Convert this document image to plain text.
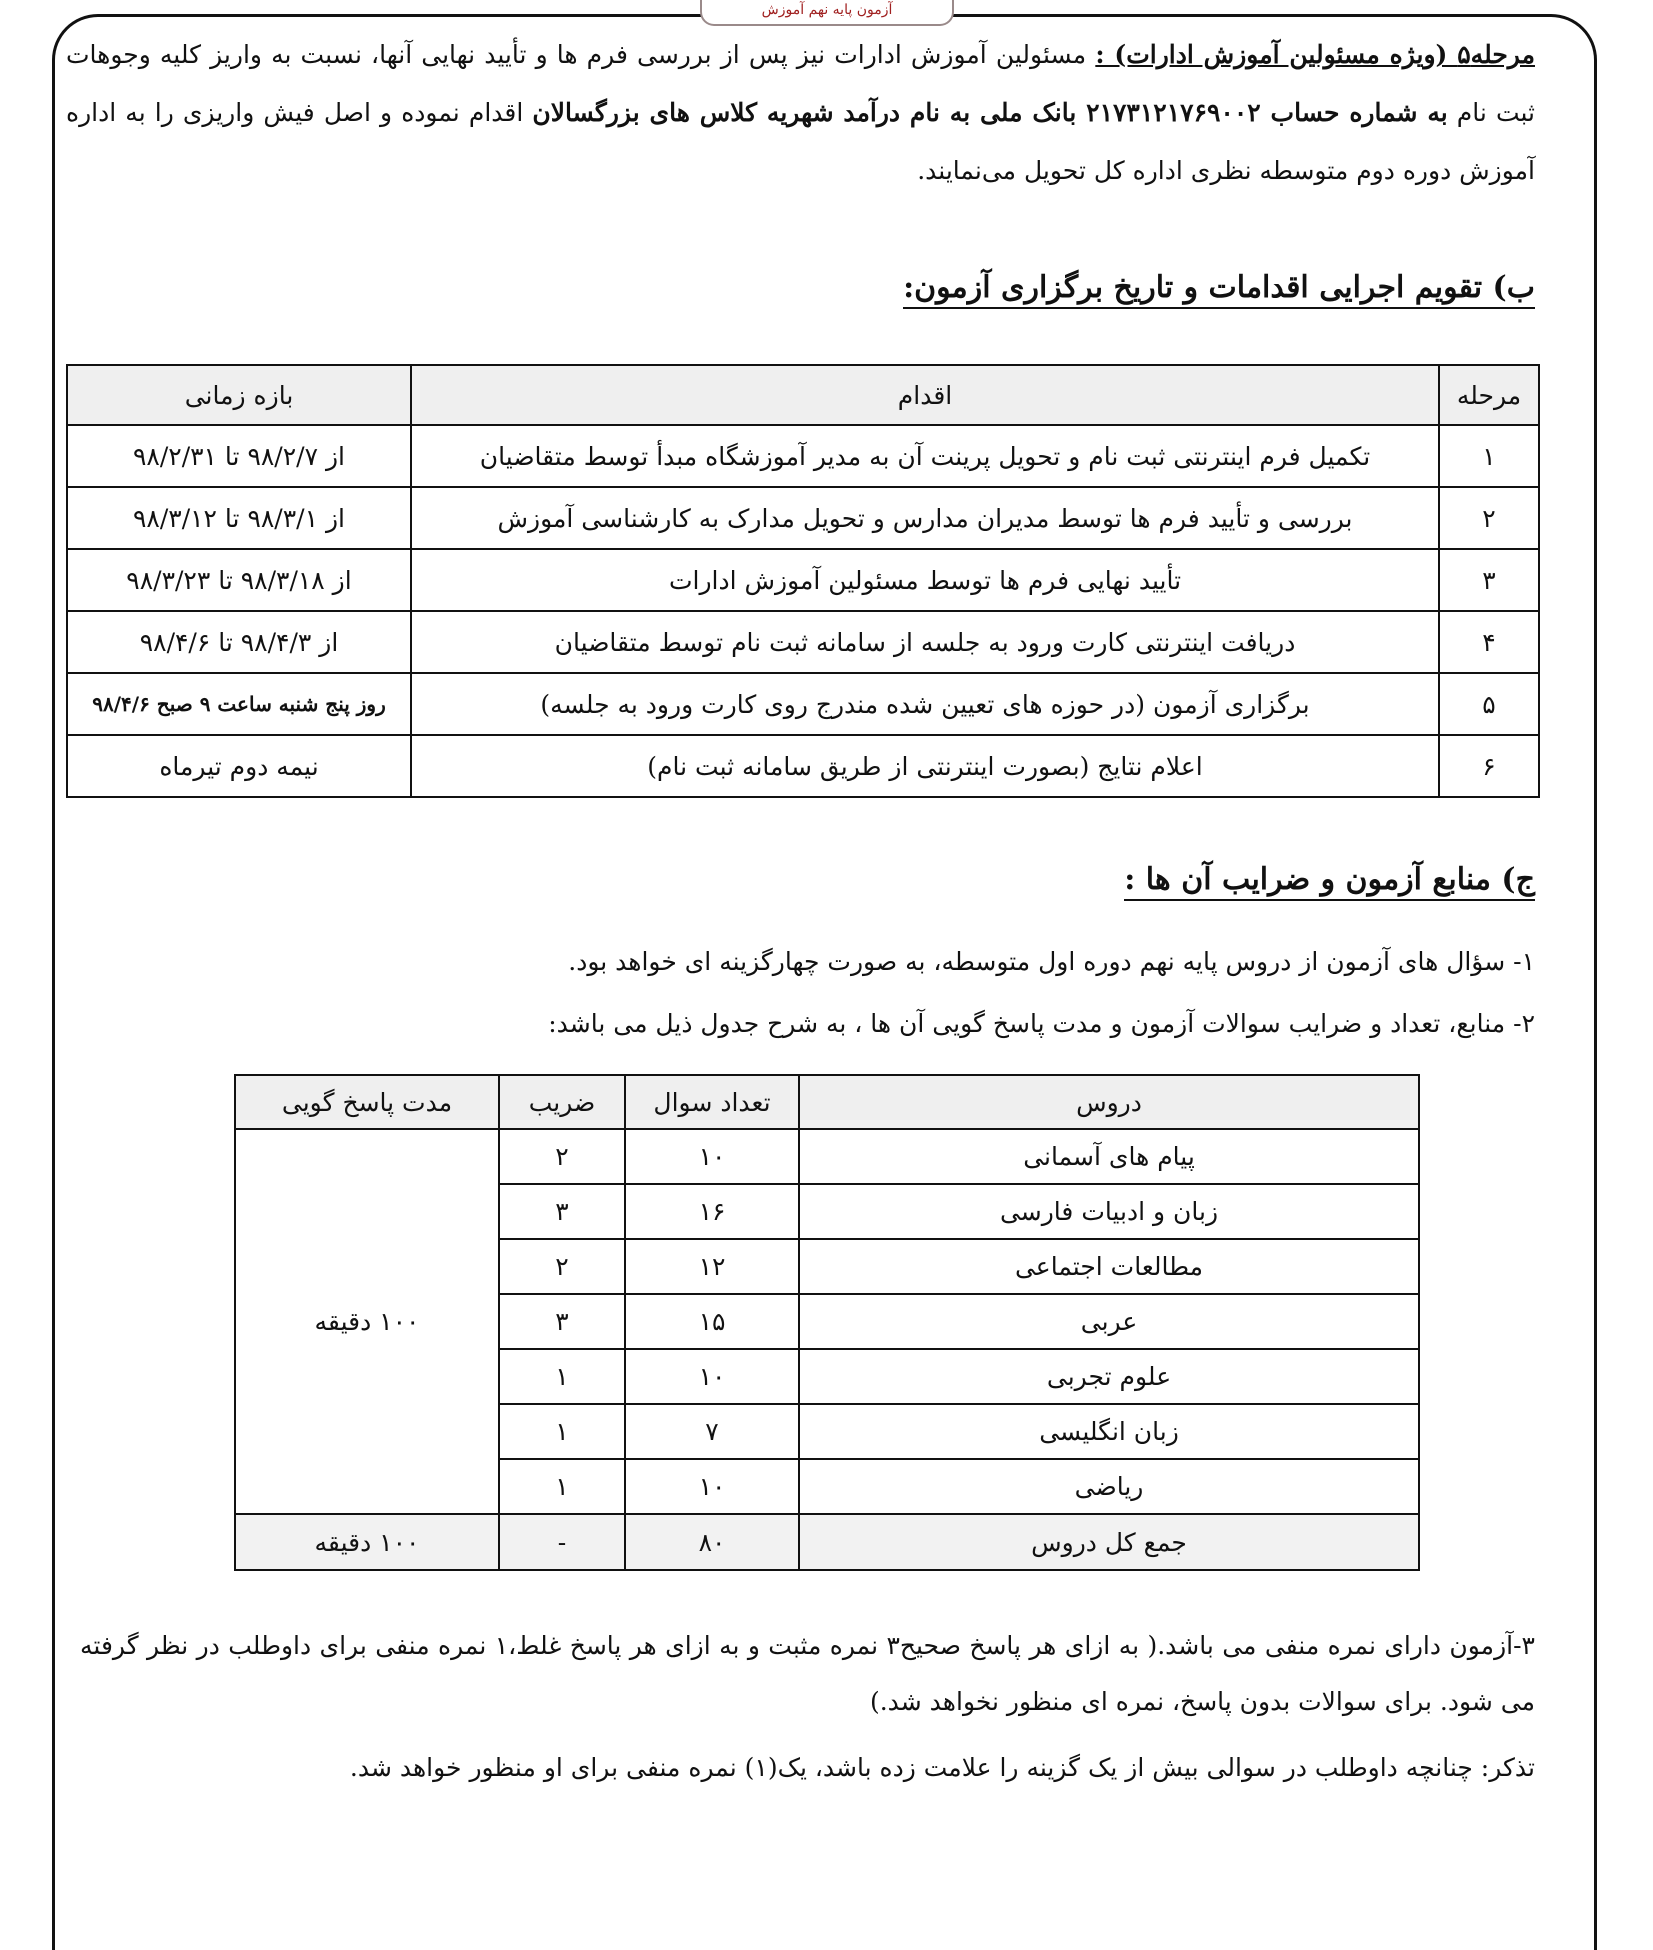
آزمون پایه نهم آموزش
مرحله۵ (ویژه مسئولین آموزش ادارات) : مسئولین آموزش ادارات نیز پس از بررسی فرم ها و تأیید نهایی آنها، نسبت به واریز کلیه وجوهات ثبت نام به شماره حساب ۲۱۷۳۱۲۱۷۶۹۰۰۲ بانک ملی به نام درآمد شهریه کلاس های بزرگسالان اقدام نموده و اصل فیش واریزی را به اداره آموزش دوره دوم متوسطه نظری اداره کل تحویل می‌نمایند.
ب) تقویم اجرایی اقدامات و تاریخ برگزاری آزمون:
مرحله	اقدام	بازه زمانی
۱	تکمیل فرم اینترنتی ثبت نام و تحویل پرینت آن به مدیر آموزشگاه مبدأ توسط متقاضیان	از ۹۸/۲/۷ تا ۹۸/۲/۳۱
۲	بررسی و تأیید فرم ها توسط مدیران مدارس و تحویل مدارک به کارشناسی آموزش	از ۹۸/۳/۱ تا ۹۸/۳/۱۲
۳	تأیید نهایی فرم ها توسط مسئولین آموزش ادارات	از ۹۸/۳/۱۸ تا ۹۸/۳/۲۳
۴	دریافت اینترنتی کارت ورود به جلسه از سامانه ثبت نام توسط متقاضیان	از ۹۸/۴/۳ تا ۹۸/۴/۶
۵	برگزاری آزمون (در حوزه های تعیین شده مندرج روی کارت ورود به جلسه)	روز پنج شنبه ساعت ۹ صبح ۹۸/۴/۶
۶	اعلام نتایج (بصورت اینترنتی از طریق سامانه ثبت نام)	نیمه دوم تیرماه
ج) منابع آزمون و ضرایب آن ها :
۱- سؤال های آزمون از دروس پایه نهم دوره اول متوسطه، به صورت چهارگزینه ای خواهد بود.
۲- منابع، تعداد و ضرایب سوالات آزمون و مدت پاسخ گویی آن ها ، به شرح جدول ذیل می باشد:
دروس	تعداد سوال	ضریب	مدت پاسخ گویی
پیام های آسمانی	۱۰	۲	۱۰۰ دقیقه
زبان و ادبیات فارسی	۱۶	۳	
مطالعات اجتماعی	۱۲	۲	
عربی	۱۵	۳	
علوم تجربی	۱۰	۱	
زبان انگلیسی	۷	۱	
ریاضی	۱۰	۱	
جمع کل دروس	۸۰	-	۱۰۰ دقیقه
۳-آزمون دارای نمره منفی می باشد.( به ازای هر پاسخ صحیح۳ نمره مثبت و به ازای هر پاسخ غلط،۱ نمره منفی برای داوطلب در نظر گرفته می شود. برای سوالات بدون پاسخ، نمره ای منظور نخواهد شد.)
تذکر: چنانچه داوطلب در سوالی بیش از یک گزینه را علامت زده باشد، یک(۱) نمره منفی برای او منظور خواهد شد.
